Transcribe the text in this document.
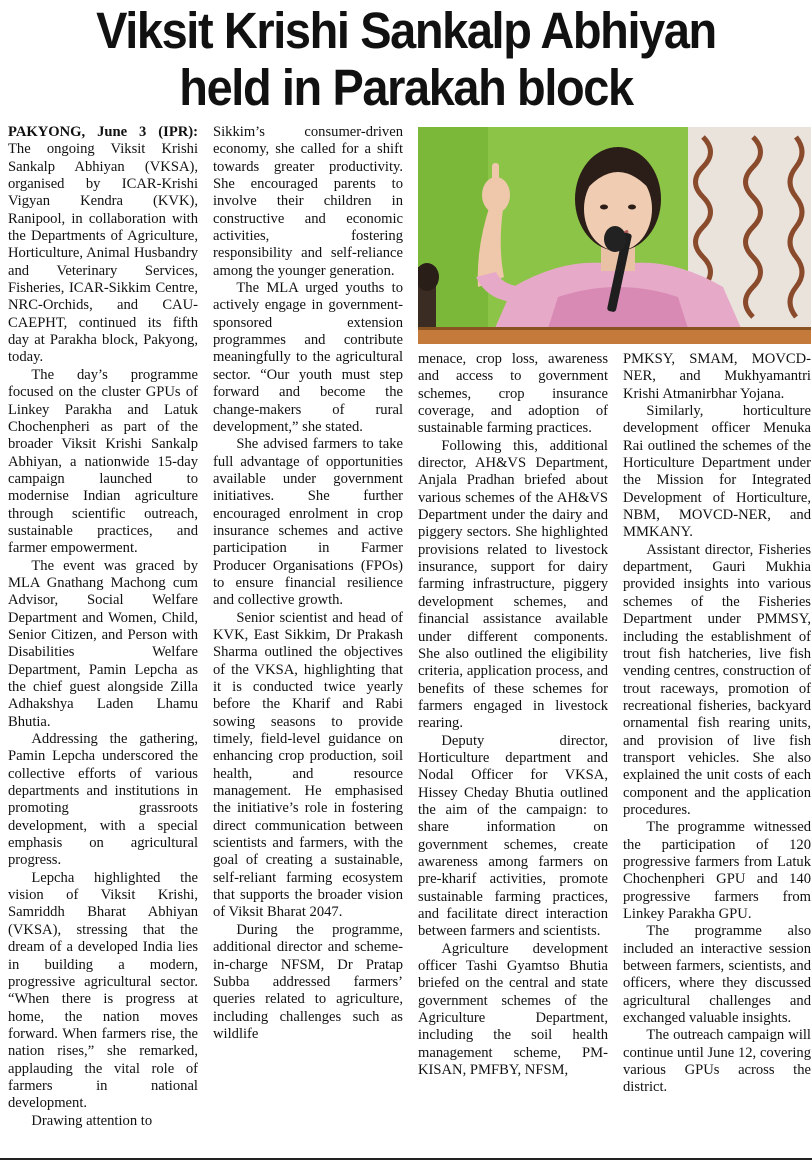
Viksit Krishi Sankalp Abhiyan
held in Parakah block

PAKYONG, June 3 (IPR): The ongoing Viksit Krishi Sankalp Abhiyan (VKSA), organised by ICAR-Krishi Vigyan Kendra (KVK), Ranipool, in collaboration with the Departments of Agriculture, Horticulture, Animal Husbandry and Veterinary Services, Fisheries, ICAR-Sikkim Centre, NRC-Orchids, and CAU-CAEPHT, continued its fifth day at Parakha block, Pakyong, today.

The day’s programme focused on the cluster GPUs of Linkey Parakha and Latuk Chochenpheri as part of the broader Viksit Krishi Sankalp Abhiyan, a nationwide 15-day campaign launched to modernise Indian agriculture through scientific outreach, sustainable practices, and farmer empowerment.

The event was graced by MLA Gnathang Machong cum Advisor, Social Welfare Department and Women, Child, Senior Citizen, and Person with Disabilities Welfare Department, Pamin Lepcha as the chief guest alongside Zilla Adhakshya Laden Lhamu Bhutia.

Addressing the gathering, Pamin Lepcha underscored the collective efforts of various departments and institutions in promoting grassroots development, with a special emphasis on agricultural progress.

Lepcha highlighted the vision of Viksit Krishi, Samriddh Bharat Abhiyan (VKSA), stressing that the dream of a developed India lies in building a modern, progressive agricultural sector. “When there is progress at home, the nation moves forward. When farmers rise, the nation rises,” she remarked, applauding the vital role of farmers in national development.

Drawing attention to

Sikkim’s consumer-driven economy, she called for a shift towards greater productivity. She encouraged parents to involve their children in constructive and economic activities, fostering responsibility and self-reliance among the younger generation.

The MLA urged youths to actively engage in government-sponsored extension programmes and contribute meaningfully to the agricultural sector. “Our youth must step forward and become the change-makers of rural development,” she stated.

She advised farmers to take full advantage of opportunities available under government initiatives. She further encouraged enrolment in crop insurance schemes and active participation in Farmer Producer Organisations (FPOs) to ensure financial resilience and collective growth.

Senior scientist and head of KVK, East Sikkim, Dr Prakash Sharma outlined the objectives of the VKSA, highlighting that it is conducted twice yearly before the Kharif and Rabi sowing seasons to provide timely, field-level guidance on enhancing crop production, soil health, and resource management. He emphasised the initiative’s role in fostering direct communication between scientists and farmers, with the goal of creating a sustainable, self-reliant farming ecosystem that supports the broader vision of Viksit Bharat 2047.

During the programme, additional director and scheme-in-charge NFSM, Dr Pratap Subba addressed farmers’ queries related to agriculture, including challenges such as wildlife

menace, crop loss, awareness and access to government schemes, crop insurance coverage, and adoption of sustainable farming practices.

Following this, additional director, AH&VS Department, Anjala Pradhan briefed about various schemes of the AH&VS Department under the dairy and piggery sectors. She highlighted provisions related to livestock insurance, support for dairy farming infrastructure, piggery development schemes, and financial assistance available under different components. She also outlined the eligibility criteria, application process, and benefits of these schemes for farmers engaged in livestock rearing.

Deputy director, Horticulture department and Nodal Officer for VKSA, Hissey Cheday Bhutia outlined the aim of the campaign: to share information on government schemes, create awareness among farmers on pre-kharif activities, promote sustainable farming practices, and facilitate direct interaction between farmers and scientists.

Agriculture development officer Tashi Gyamtso Bhutia briefed on the central and state government schemes of the Agriculture Department, including the soil health management scheme, PM-KISAN, PMFBY, NFSM,

PMKSY, SMAM, MOVCD-NER, and Mukhyamantri Krishi Atmanirbhar Yojana.

Similarly, horticulture development officer Menuka Rai outlined the schemes of the Horticulture Department under the Mission for Integrated Development of Horticulture, NBM, MOVCD-NER, and MMKANY.

Assistant director, Fisheries department, Gauri Mukhia provided insights into various schemes of the Fisheries Department under PMMSY, including the establishment of trout fish hatcheries, live fish vending centres, construction of trout raceways, promotion of recreational fisheries, backyard ornamental fish rearing units, and provision of live fish transport vehicles. She also explained the unit costs of each component and the application procedures.

The programme witnessed the participation of 120 progressive farmers from Latuk Chochenpheri GPU and 140 progressive farmers from Linkey Parakha GPU.

The programme also included an interactive session between farmers, scientists, and officers, where they discussed agricultural challenges and exchanged valuable insights.

The outreach campaign will continue until June 12, covering various GPUs across the district.
